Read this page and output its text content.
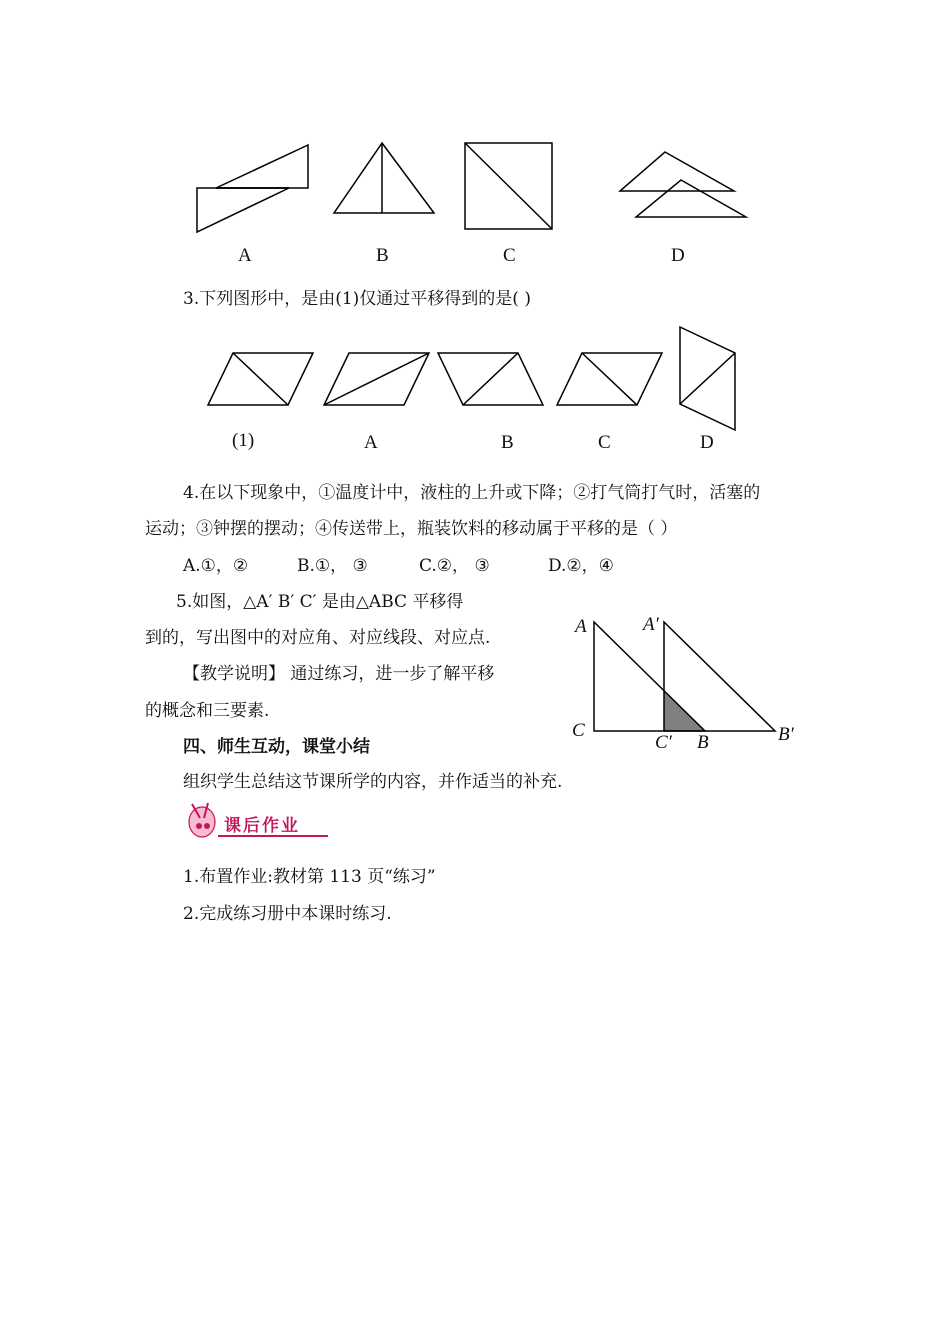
A	B	C	D
3.下列图形中，是由(1)仅通过平移得到的是( )
(1)	A	B	C	D
4.在以下现象中，①温度计中，液柱的上升或下降；②打气筒打气时，活塞的
运动；③钟摆的摆动；④传送带上，瓶装饮料的移动属于平移的是（ ）
A.①，②	B.①， ③	C.②， ③	D.②，④
5.如图，△A′ B′ C′ 是由△ABC 平移得
到的，写出图中的对应角、对应线段、对应点.
【教学说明】 通过练习，进一步了解平移
的概念和三要素.
A	A′
C
C′ B	B′
四、师生互动，课堂小结
组织学生总结这节课所学的内容，并作适当的补充.
课后作业
1.布置作业:教材第 113 页“练习”
2.完成练习册中本课时练习.
